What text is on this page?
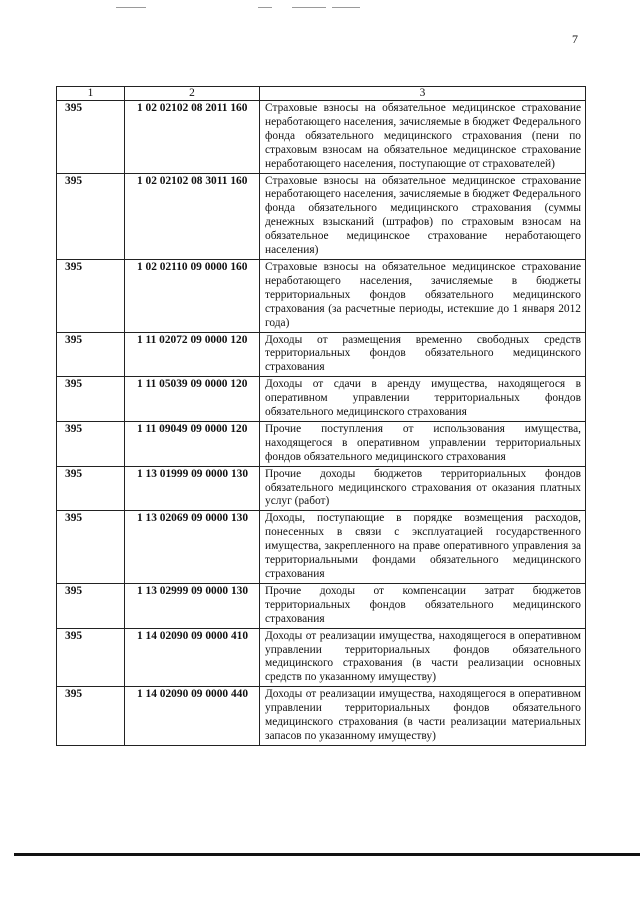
7
1	2	3
395	1 02 02102 08 2011 160	Страховые взносы на обязательное медицинское страхование неработающего населения, зачисляемые в бюджет Федерального фонда обязательного медицинского страхования (пени по страховым взносам на обязательное медицинское страхование неработающего населения, поступающие от страхователей)
395	1 02 02102 08 3011 160	Страховые взносы на обязательное медицинское страхование неработающего населения, зачисляемые в бюджет Федерального фонда обязательного медицинского страхования (суммы денежных взысканий (штрафов) по страховым взносам на обязательное медицинское страхование неработающего населения)
395	1 02 02110 09 0000 160	Страховые взносы на обязательное медицинское страхование неработающего населения, зачисляемые в бюджеты территориальных фондов обязательного медицинского страхования (за расчетные периоды, истекшие до 1 января 2012 года)
395	1 11 02072 09 0000 120	Доходы от размещения временно свободных средств территориальных фондов обязательного медицинского страхования
395	1 11 05039 09 0000 120	Доходы от сдачи в аренду имущества, находящегося в оперативном управлении территориальных фондов обязательного медицинского страхования
395	1 11 09049 09 0000 120	Прочие поступления от использования имущества, находящегося в оперативном управлении территориальных фондов обязательного медицинского страхования
395	1 13 01999 09 0000 130	Прочие доходы бюджетов территориальных фондов обязательного медицинского страхования от оказания платных услуг (работ)
395	1 13 02069 09 0000 130	Доходы, поступающие в порядке возмещения расходов, понесенных в связи с эксплуатацией государственного имущества, закрепленного на праве оперативного управления за территориальными фондами обязательного медицинского страхования
395	1 13 02999 09 0000 130	Прочие доходы от компенсации затрат бюджетов территориальных фондов обязательного медицинского страхования
395	1 14 02090 09 0000 410	Доходы от реализации имущества, находящегося в оперативном управлении территориальных фондов обязательного медицинского страхования (в части реализации основных средств по указанному имуществу)
395	1 14 02090 09 0000 440	Доходы от реализации имущества, находящегося в оперативном управлении территориальных фондов обязательного медицинского страхования (в части реализации материальных запасов по указанному имуществу)
